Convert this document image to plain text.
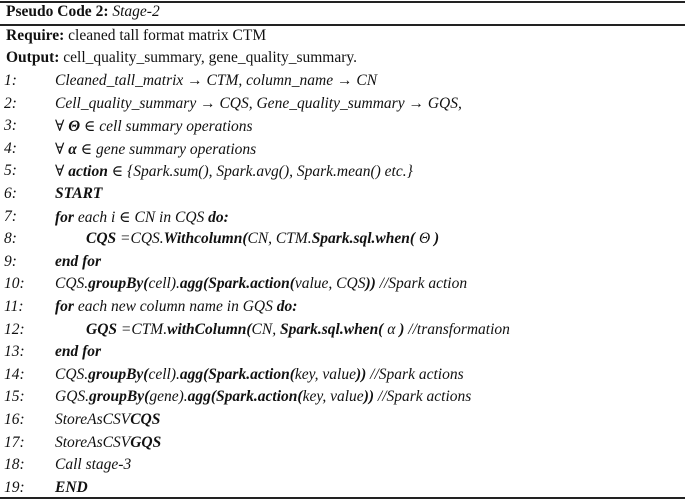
Pseudo Code 2: Stage-2
Require: cleaned tall format matrix CTM
Output: cell_quality_summary, gene_quality_summary.
1: Cleaned_tall_matrix → CTM, column_name → CN
2: Cell_quality_summary → CQS, Gene_quality_summary → GQS,
3: ∀ Θ ∈ cell summary operations
4: ∀ α ∈ gene summary operations
5: ∀ action ∈ {Spark.sum(), Spark.avg(), Spark.mean() etc.}
6: START
7: for each i ∈ CN in CQS do:
8:	CQS =CQS.Withcolumn(CN, CTM.Spark.sql.when( Θ )
9: end for
10: CQS.groupBy(cell).agg(Spark.action(value, CQS)) //Spark action
11: for each new column name in GQS do:
12:	GQS =CTM.withColumn(CN, Spark.sql.when( α ) //transformation
13: end for
14: CQS.groupBy(cell).agg(Spark.action(key, value)) //Spark actions
15: GQS.groupBy(gene).agg(Spark.action(key, value)) //Spark actions
16: StoreAsCSVCQS
17: StoreAsCSVGQS
18: Call stage-3
19: END
